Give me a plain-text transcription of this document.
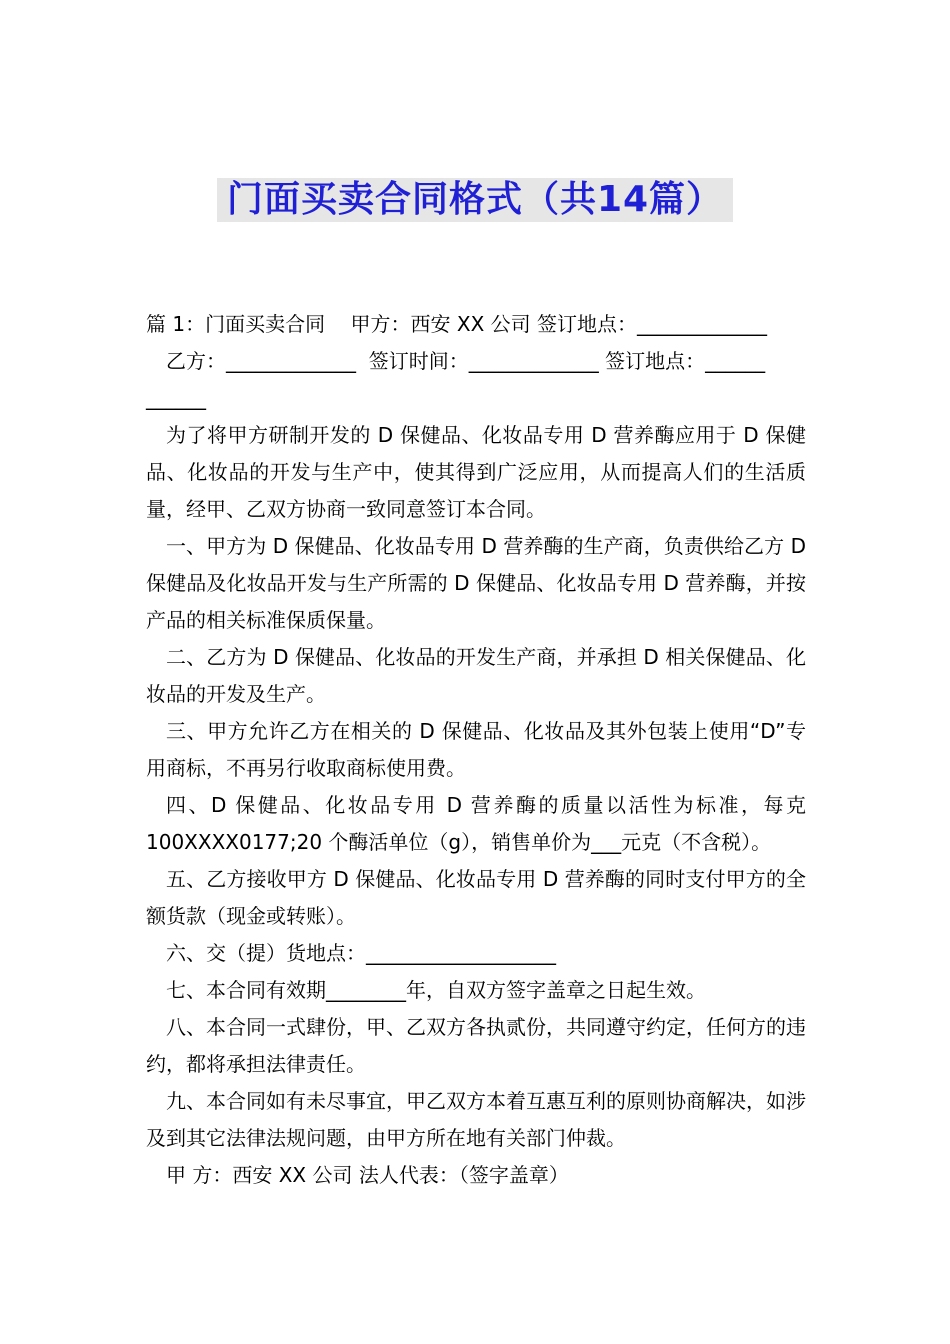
门面买卖合同格式（共14篇）
篇 1：门面买卖合同    甲方：西安 XX 公司 签订地点：_____________
乙方：_____________  签订时间：_____________ 签订地点：______
______
为了将甲方研制开发的 D 保健品、化妆品专用 D 营养酶应用于 D 保健品、化妆品的开发与生产中，使其得到广泛应用，从而提高人们的生活质量，经甲、乙双方协商一致同意签订本合同。
一、甲方为 D 保健品、化妆品专用 D 营养酶的生产商，负责供给乙方 D 保健品及化妆品开发与生产所需的 D 保健品、化妆品专用 D 营养酶，并按产品的相关标准保质保量。
二、乙方为 D 保健品、化妆品的开发生产商，并承担 D 相关保健品、化妆品的开发及生产。
三、甲方允许乙方在相关的 D 保健品、化妆品及其外包装上使用“D”专用商标，不再另行收取商标使用费。
四、D 保健品、化妆品专用 D 营养酶的质量以活性为标准，每克 100XXXX0177;20 个酶活单位（g），销售单价为___元克（不含税）。
五、乙方接收甲方 D 保健品、化妆品专用 D 营养酶的同时支付甲方的全额货款（现金或转账）。
六、交（提）货地点：___________________
七、本合同有效期________年，自双方签字盖章之日起生效。
八、本合同一式肆份，甲、乙双方各执贰份，共同遵守约定，任何方的违约，都将承担法律责任。
九、本合同如有未尽事宜，甲乙双方本着互惠互利的原则协商解决，如涉及到其它法律法规问题，由甲方所在地有关部门仲裁。
甲 方：西安 XX 公司 法人代表：（签字盖章）
